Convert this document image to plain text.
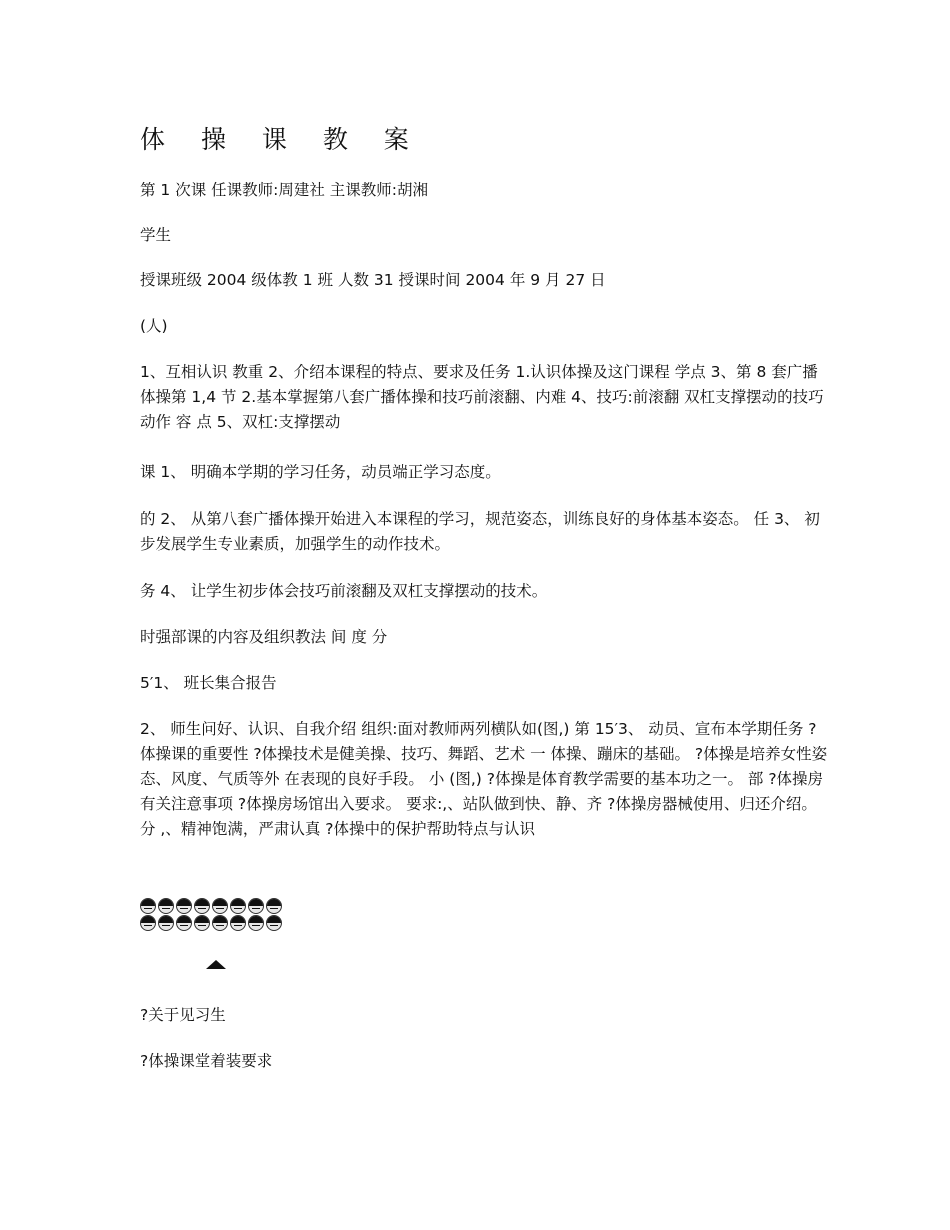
体 操 课 教 案

第 1 次课 任课教师:周建社 主课教师:胡湘

学生

授课班级 2004 级体教 1 班 人数 31 授课时间 2004 年 9 月 27 日

(人)

1、互相认识 教重 2、介绍本课程的特点、要求及任务 1.认识体操及这门课程 学点 3、第 8 套广播体操第 1,4 节 2.基本掌握第八套广播体操和技巧前滚翻、内难 4、技巧:前滚翻 双杠支撑摆动的技巧动作 容 点 5、双杠:支撑摆动

课 1、 明确本学期的学习任务，动员端正学习态度。

的 2、 从第八套广播体操开始进入本课程的学习，规范姿态，训练良好的身体基本姿态。 任 3、 初步发展学生专业素质，加强学生的动作技术。

务 4、 让学生初步体会技巧前滚翻及双杠支撑摆动的技术。

时强部课的内容及组织教法 间 度 分

5′1、 班长集合报告

2、 师生问好、认识、自我介绍 组织:面对教师两列横队如(图,) 第 15′3、 动员、宣布本学期任务 ?体操课的重要性 ?体操技术是健美操、技巧、舞蹈、艺术 一 体操、蹦床的基础。 ?体操是培养女性姿态、风度、气质等外 在表现的良好手段。 小 (图,) ?体操是体育教学需要的基本功之一。 部 ?体操房有关注意事项 ?体操房场馆出入要求。 要求:,、站队做到快、静、齐 ?体操房器械使用、归还介绍。 分 ,、精神饱满，严肃认真 ?体操中的保护帮助特点与认识

?关于见习生

?体操课堂着装要求
